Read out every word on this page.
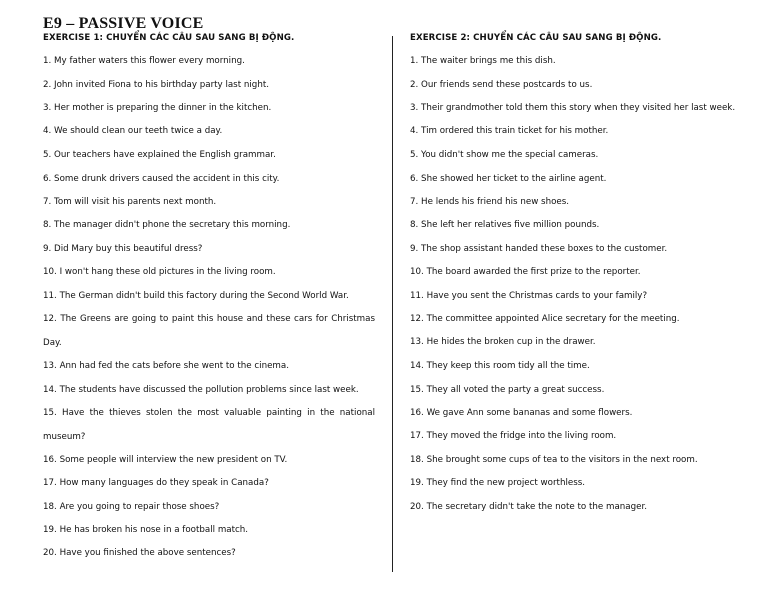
E9 – PASSIVE VOICE
EXERCISE 1: CHUYỂN CÁC CÂU SAU SANG BỊ ĐỘNG.
1. My father waters this flower every morning.
2. John invited Fiona to his birthday party last night.
3. Her mother is preparing the dinner in the kitchen.
4. We should clean our teeth twice a day.
5. Our teachers have explained the English grammar.
6. Some drunk drivers caused the accident in this city.
7. Tom will visit his parents next month.
8. The manager didn't phone the secretary this morning.
9. Did Mary buy this beautiful dress?
10. I won't hang these old pictures in the living room.
11. The German didn't build this factory during the Second World War.
12. The Greens are going to paint this house and these cars for Christmas Day.
13. Ann had fed the cats before she went to the cinema.
14. The students have discussed the pollution problems since last week.
15. Have the thieves stolen the most valuable painting in the national museum?
16. Some people will interview the new president on TV.
17. How many languages do they speak in Canada?
18. Are you going to repair those shoes?
19. He has broken his nose in a football match.
20. Have you finished the above sentences?
EXERCISE 2: CHUYỂN CÁC CÂU SAU SANG BỊ ĐỘNG.
1. The waiter brings me this dish.
2. Our friends send these postcards to us.
3. Their grandmother told them this story when they visited her last week.
4. Tim ordered this train ticket for his mother.
5. You didn't show me the special cameras.
6. She showed her ticket to the airline agent.
7. He lends his friend his new shoes.
8. She left her relatives five million pounds.
9. The shop assistant handed these boxes to the customer.
10. The board awarded the first prize to the reporter.
11. Have you sent the Christmas cards to your family?
12. The committee appointed Alice secretary for the meeting.
13. He hides the broken cup in the drawer.
14. They keep this room tidy all the time.
15. They all voted the party a great success.
16. We gave Ann some bananas and some flowers.
17. They moved the fridge into the living room.
18. She brought some cups of tea to the visitors in the next room.
19. They find the new project worthless.
20. The secretary didn't take the note to the manager.
